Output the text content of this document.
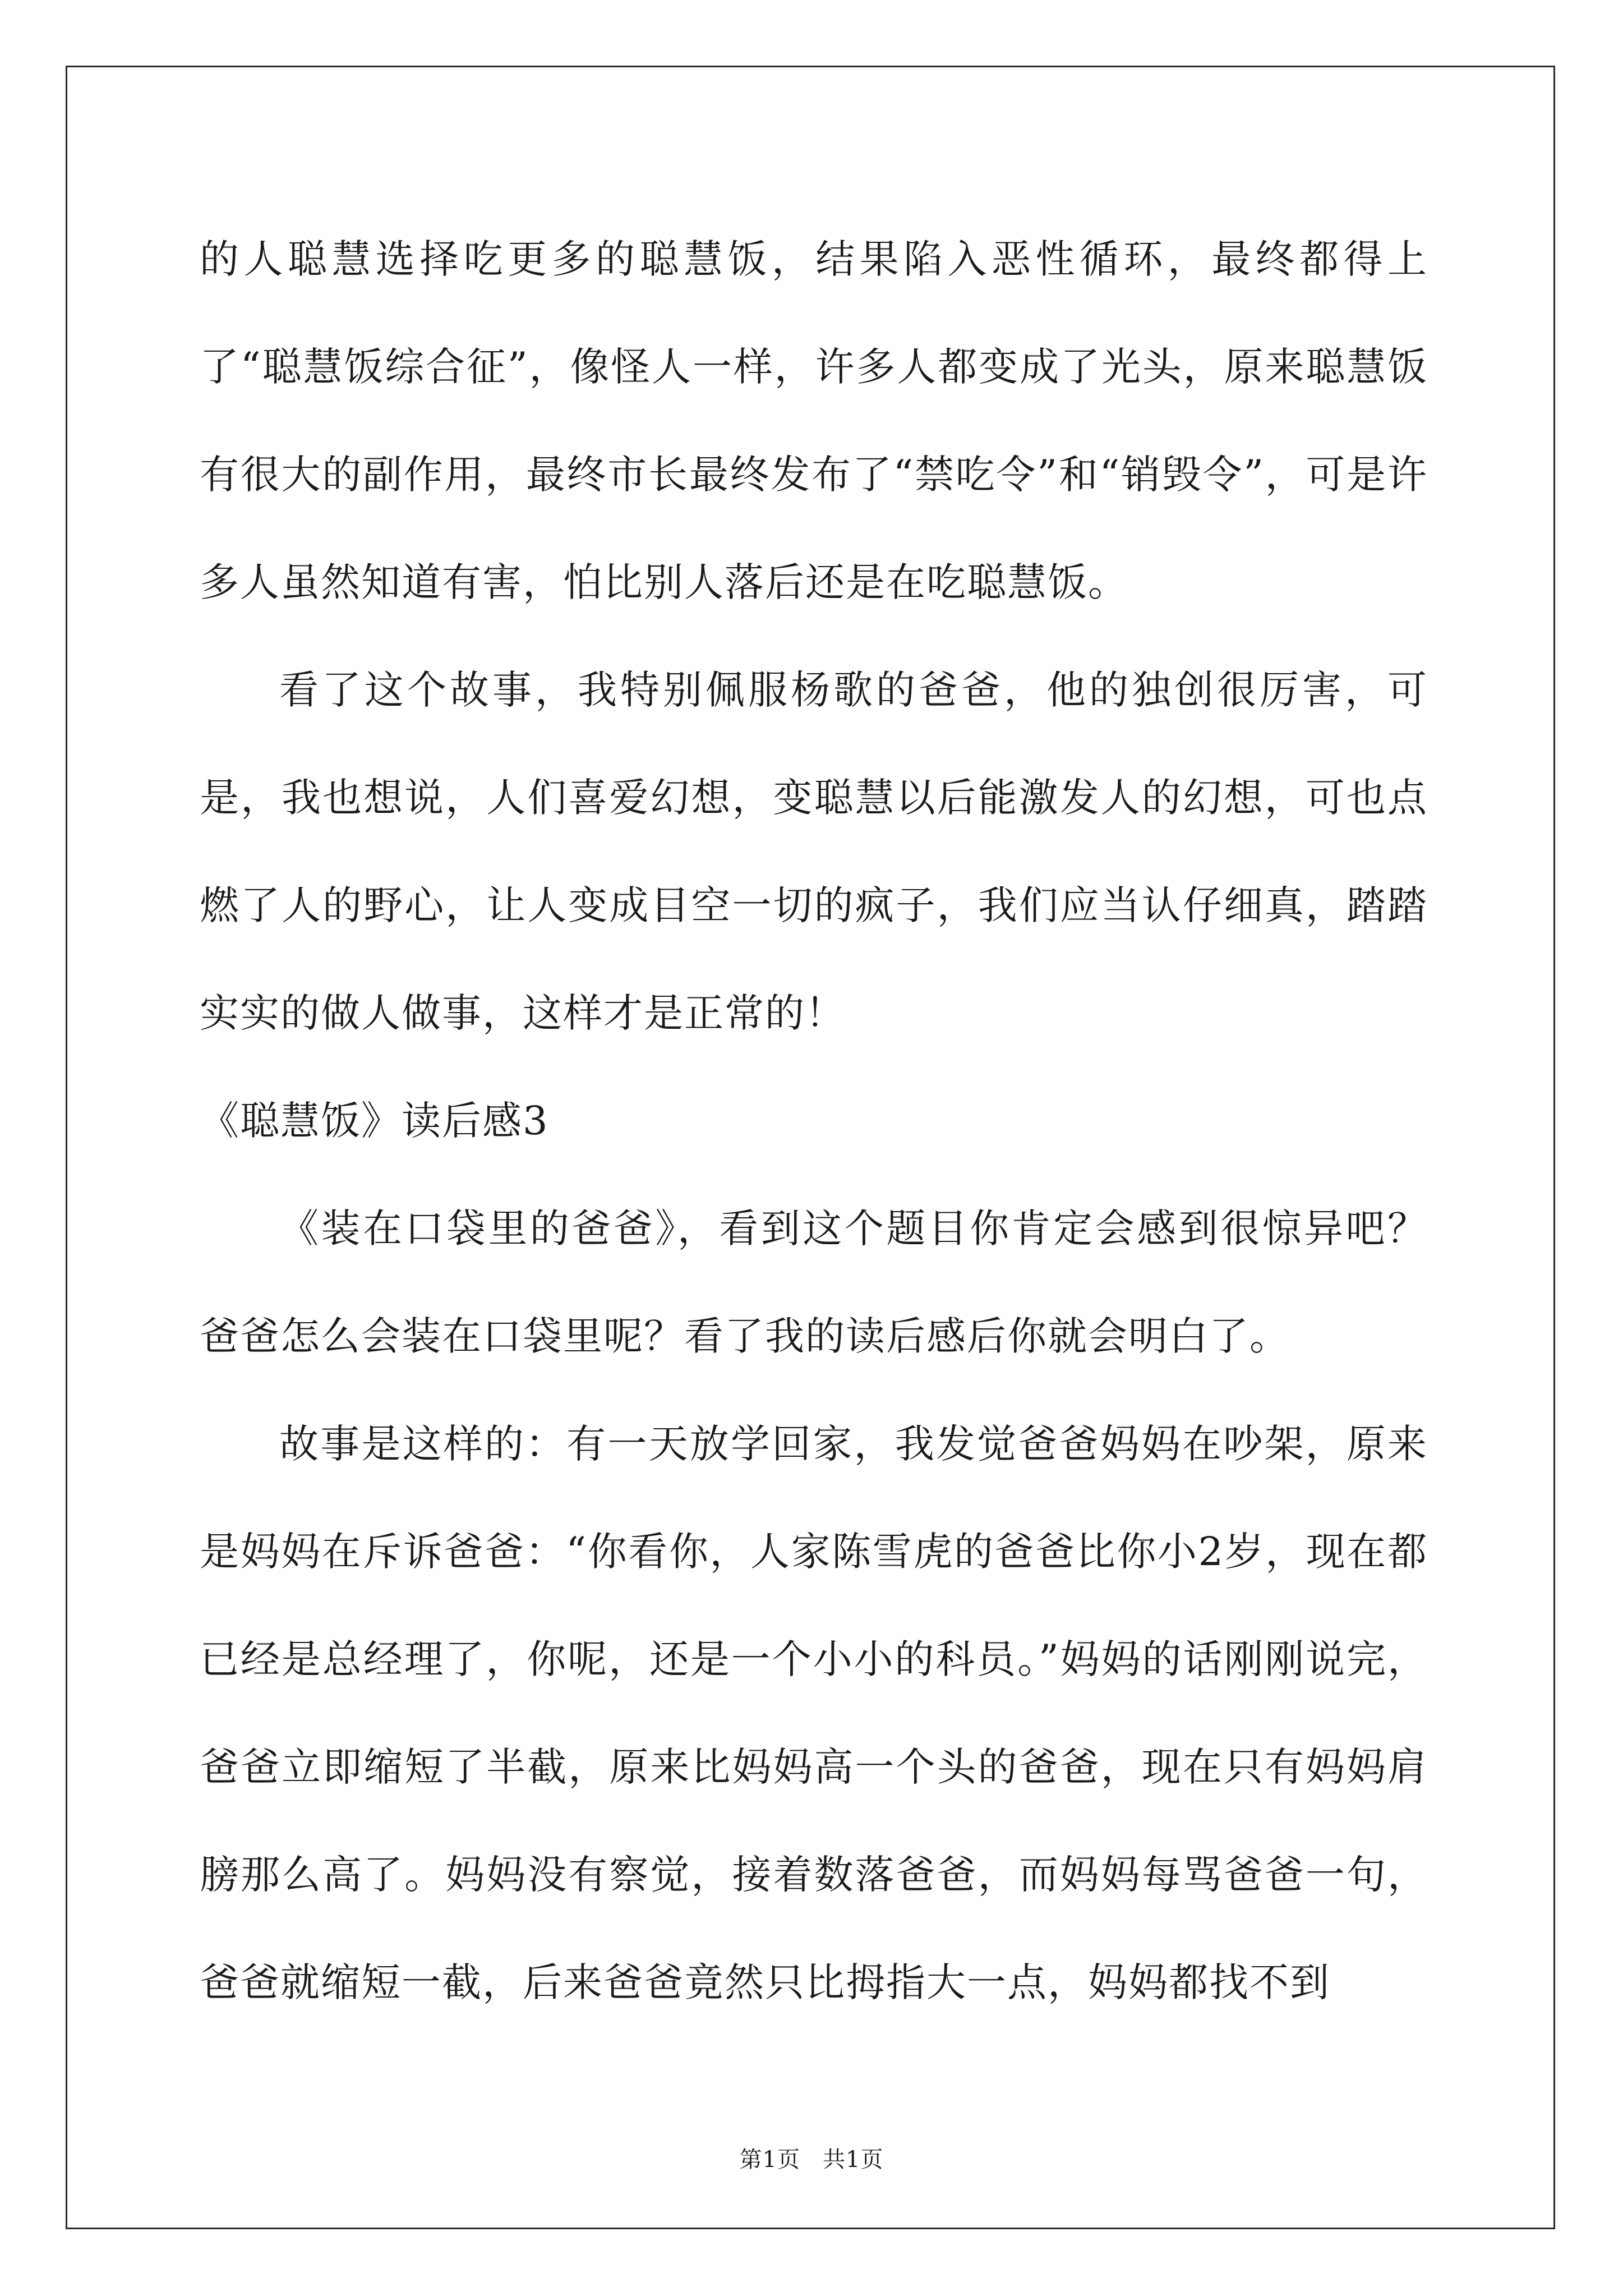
的人聪慧选择吃更多的聪慧饭，结果陷入恶性循环，最终都得上了“聪慧饭综合征”，像怪人一样，许多人都变成了光头，原来聪慧饭有很大的副作用，最终市长最终发布了“禁吃令”和“销毁令”，可是许多人虽然知道有害，怕比别人落后还是在吃聪慧饭。

看了这个故事，我特别佩服杨歌的爸爸，他的独创很厉害，可是，我也想说，人们喜爱幻想，变聪慧以后能激发人的幻想，可也点燃了人的野心，让人变成目空一切的疯子，我们应当认仔细真，踏踏实实的做人做事，这样才是正常的！

《聪慧饭》读后感3

《装在口袋里的爸爸》，看到这个题目你肯定会感到很惊异吧？爸爸怎么会装在口袋里呢？看了我的读后感后你就会明白了。

故事是这样的：有一天放学回家，我发觉爸爸妈妈在吵架，原来是妈妈在斥诉爸爸：“你看你，人家陈雪虎的爸爸比你小2岁，现在都已经是总经理了，你呢，还是一个小小的科员。”妈妈的话刚刚说完，爸爸立即缩短了半截，原来比妈妈高一个头的爸爸，现在只有妈妈肩膀那么高了。妈妈没有察觉，接着数落爸爸，而妈妈每骂爸爸一句，爸爸就缩短一截，后来爸爸竟然只比拇指大一点，妈妈都找不到

第1页 共1页
